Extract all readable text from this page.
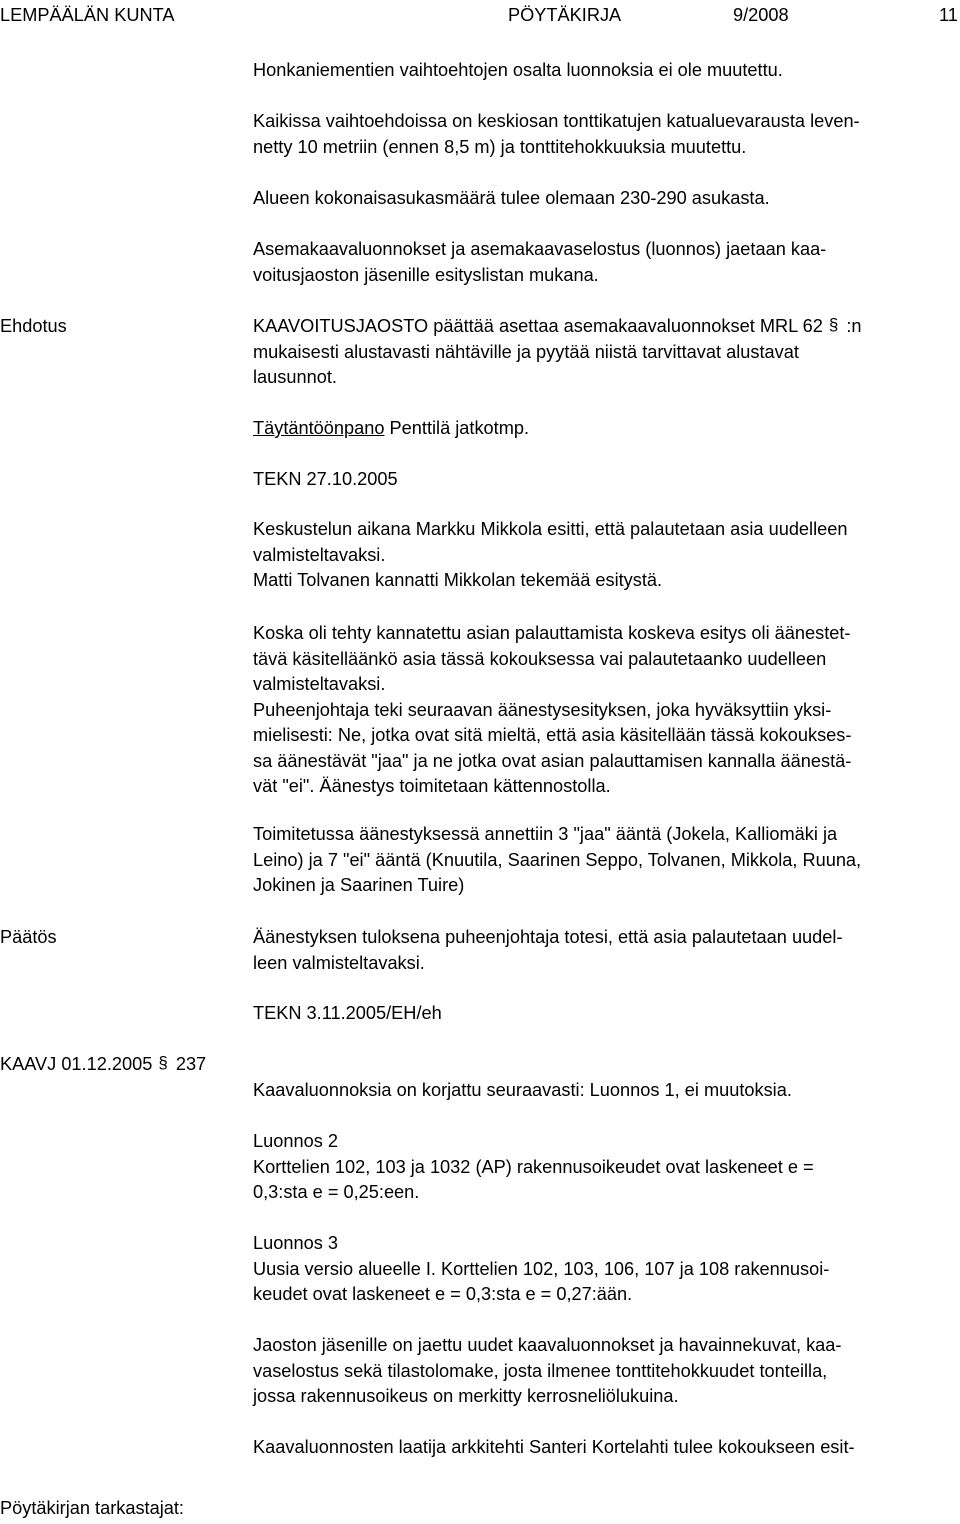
LEMPÄÄLÄN KUNTA	PÖYTÄKIRJA	9/2008	11

Honkaniementien vaihtoehtojen osalta luonnoksia ei ole muutettu.

Kaikissa vaihtoehdoissa on keskiosan tonttikatujen katualuevarausta leven-
netty 10 metriin (ennen 8,5 m) ja tonttitehokkuuksia muutettu.

Alueen kokonaisasukasmäärä tulee olemaan 230-290 asukasta.

Asemakaavaluonnokset ja asemakaavaselostus (luonnos) jaetaan kaa-
voitusjaoston jäsenille esityslistan mukana.

Ehdotus	KAAVOITUSJAOSTO päättää asettaa asemakaavaluonnokset MRL 62 § :n
mukaisesti alustavasti nähtäville ja pyytää niistä tarvittavat alustavat
lausunnot.

Täytäntöönpano Penttilä jatkotmp.

TEKN 27.10.2005

Keskustelun aikana Markku Mikkola esitti, että palautetaan asia uudelleen
valmisteltavaksi.
Matti Tolvanen kannatti Mikkolan tekemää esitystä.

Koska oli tehty kannatettu asian palauttamista koskeva esitys oli äänestet-
tävä käsitelläänkö asia tässä kokouksessa vai palautetaanko uudelleen
valmisteltavaksi.
Puheenjohtaja teki seuraavan äänestysesityksen, joka hyväksyttiin yksi-
mielisesti: Ne, jotka ovat sitä mieltä, että asia käsitellään tässä kokoukses-
sa äänestävät "jaa" ja ne jotka ovat asian palauttamisen kannalla äänestä-
vät "ei". Äänestys toimitetaan kättennostolla.

Toimitetussa äänestyksessä annettiin 3 "jaa" ääntä (Jokela, Kalliomäki ja
Leino) ja 7 "ei" ääntä (Knuutila, Saarinen Seppo, Tolvanen, Mikkola, Ruuna,
Jokinen ja Saarinen Tuire)

Päätös	Äänestyksen tuloksena puheenjohtaja totesi, että asia palautetaan uudel-
leen valmisteltavaksi.

TEKN 3.11.2005/EH/eh

KAAVJ 01.12.2005 § 237

Kaavaluonnoksia on korjattu seuraavasti: Luonnos 1, ei muutoksia.

Luonnos 2
Korttelien 102, 103 ja 1032 (AP) rakennusoikeudet ovat laskeneet e =
0,3:sta e = 0,25:een.

Luonnos 3
Uusia versio alueelle I. Korttelien 102, 103, 106, 107 ja 108 rakennusoi-
keudet ovat laskeneet e = 0,3:sta e = 0,27:ään.

Jaoston jäsenille on jaettu uudet kaavaluonnokset ja havainnekuvat, kaa-
vaselostus sekä tilastolomake, josta ilmenee tonttitehokkuudet tonteilla,
jossa rakennusoikeus on merkitty kerrosneliölukuina.

Kaavaluonnosten laatija arkkitehti Santeri Kortelahti tulee kokoukseen esit-

Pöytäkirjan tarkastajat:
